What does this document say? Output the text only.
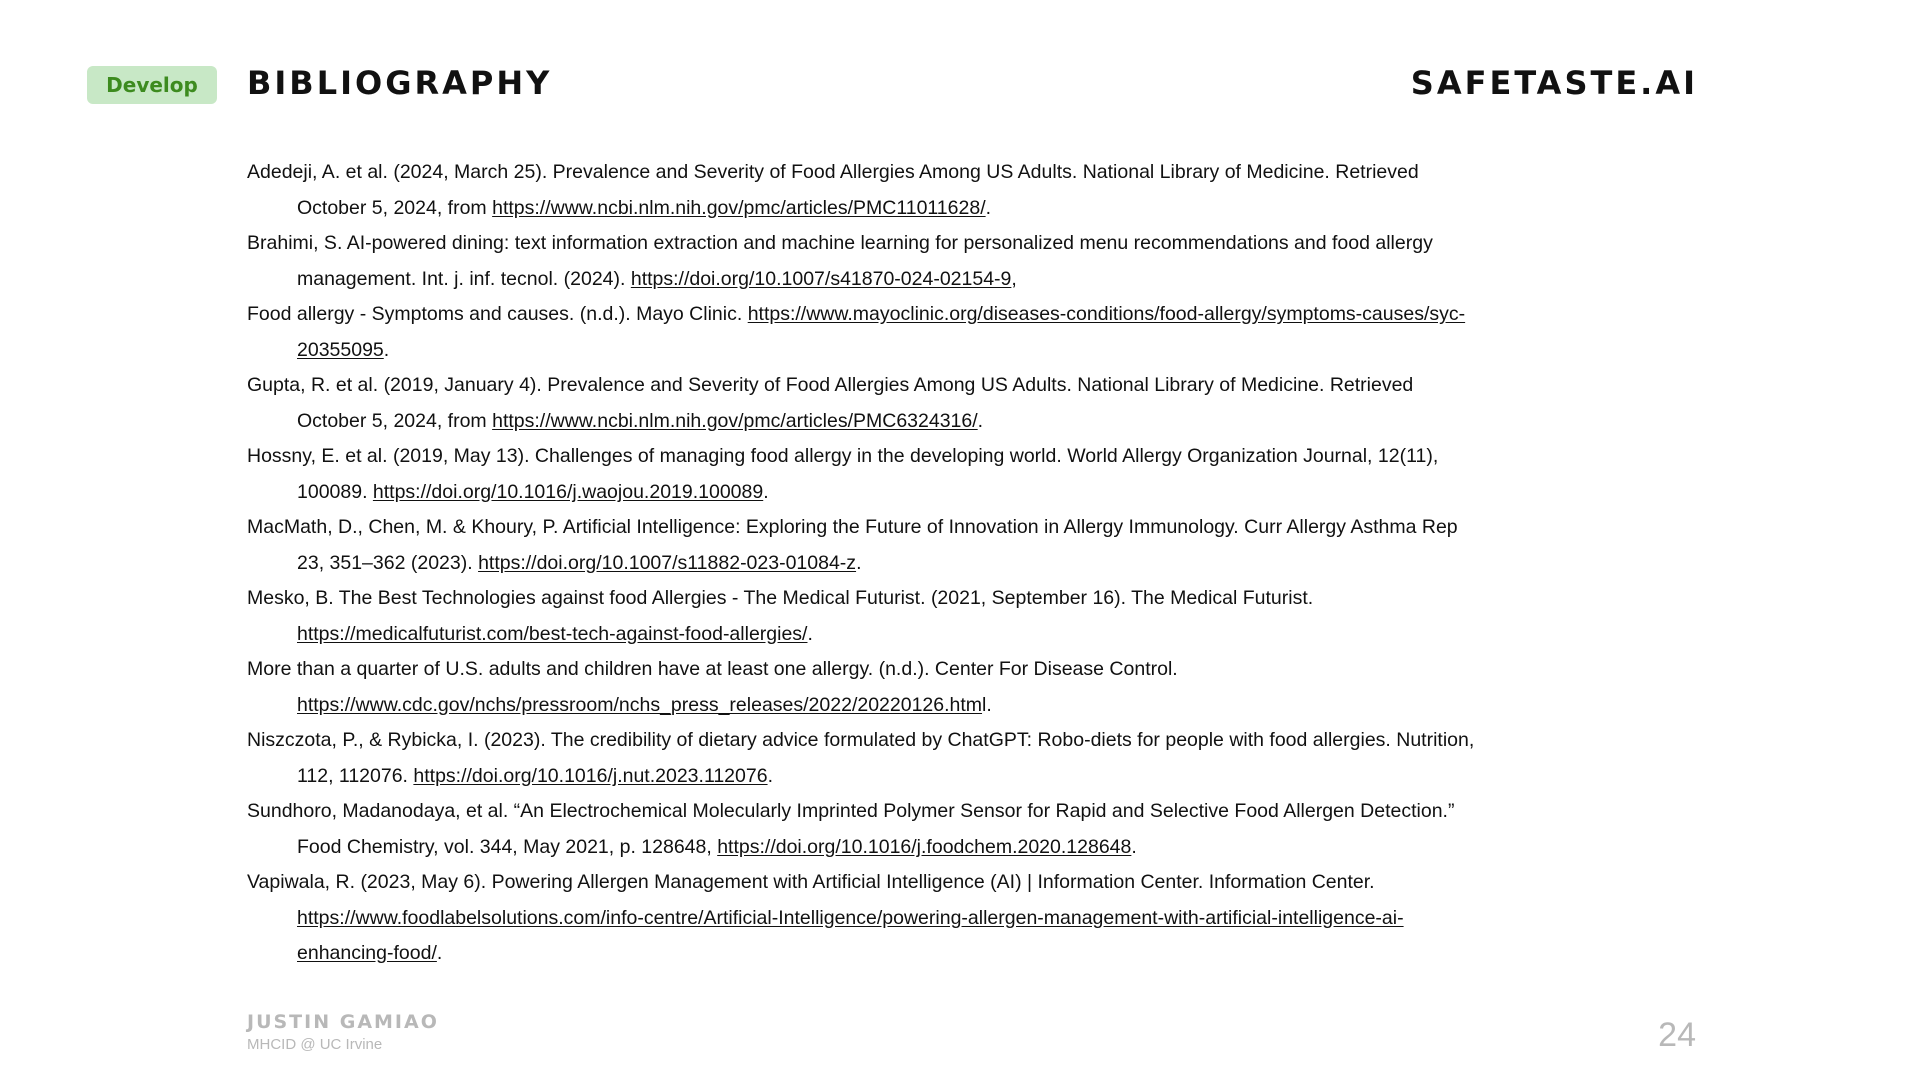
Develop	BIBLIOGRAPHY	SAFETASTE.AI

Adedeji, A. et al. (2024, March 25). Prevalence and Severity of Food Allergies Among US Adults. National Library of Medicine. Retrieved October 5, 2024, from https://www.ncbi.nlm.nih.gov/pmc/articles/PMC11011628/.

Brahimi, S. AI-powered dining: text information extraction and machine learning for personalized menu recommendations and food allergy management. Int. j. inf. tecnol. (2024). https://doi.org/10.1007/s41870-024-02154-9,

Food allergy - Symptoms and causes. (n.d.). Mayo Clinic. https://www.mayoclinic.org/diseases-conditions/food-allergy/symptoms-causes/syc-20355095.

Gupta, R. et al. (2019, January 4). Prevalence and Severity of Food Allergies Among US Adults. National Library of Medicine. Retrieved October 5, 2024, from https://www.ncbi.nlm.nih.gov/pmc/articles/PMC6324316/.

Hossny, E. et al. (2019, May 13). Challenges of managing food allergy in the developing world. World Allergy Organization Journal, 12(11), 100089. https://doi.org/10.1016/j.waojou.2019.100089.

MacMath, D., Chen, M. & Khoury, P. Artificial Intelligence: Exploring the Future of Innovation in Allergy Immunology. Curr Allergy Asthma Rep 23, 351–362 (2023). https://doi.org/10.1007/s11882-023-01084-z.

Mesko, B. The Best Technologies against food Allergies - The Medical Futurist. (2021, September 16). The Medical Futurist. https://medicalfuturist.com/best-tech-against-food-allergies/.

More than a quarter of U.S. adults and children have at least one allergy. (n.d.). Center For Disease Control. https://www.cdc.gov/nchs/pressroom/nchs_press_releases/2022/20220126.html.

Niszczota, P., & Rybicka, I. (2023). The credibility of dietary advice formulated by ChatGPT: Robo-diets for people with food allergies. Nutrition, 112, 112076. https://doi.org/10.1016/j.nut.2023.112076.

Sundhoro, Madanodaya, et al. “An Electrochemical Molecularly Imprinted Polymer Sensor for Rapid and Selective Food Allergen Detection.” Food Chemistry, vol. 344, May 2021, p. 128648, https://doi.org/10.1016/j.foodchem.2020.128648.

Vapiwala, R. (2023, May 6). Powering Allergen Management with Artificial Intelligence (AI) | Information Center. Information Center. https://www.foodlabelsolutions.com/info-centre/Artificial-Intelligence/powering-allergen-management-with-artificial-intelligence-ai-enhancing-food/.

JUSTIN GAMIAO
MHCID @ UC Irvine	24
